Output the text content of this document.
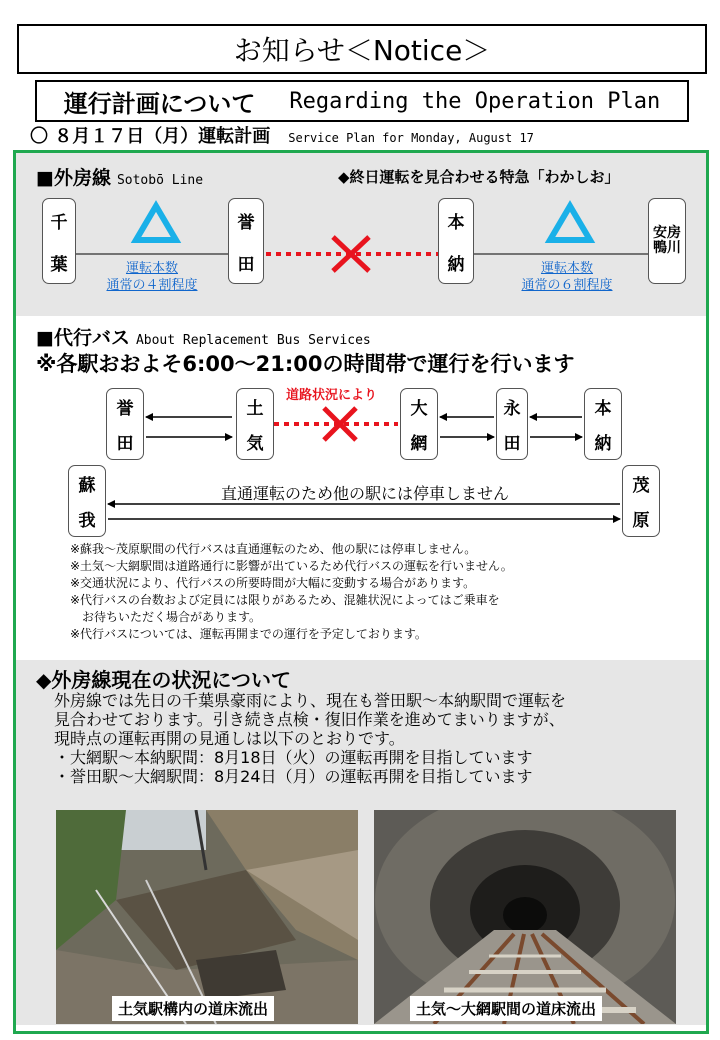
お知らせ＜Notice＞
運行計画について Regarding the Operation Plan
〇 ８月１７日（月）運転計画 Service Plan for Monday, August 17
■外房線 Sotobō Line	◆終日運転を見合わせる特急「わかしお」
千
葉
誉
田
本
納
安房
鴨川
運転本数
通常の４割程度
運転本数
通常の６割程度
■代行バス About Replacement Bus Services
※各駅おおよそ6:00～21:00の時間帯で運行を行います
道路状況により
誉
田
土
気
大
網
永
田
本
納
蘇
我
茂
原
直通運転のため他の駅には停車しません
※蘇我～茂原駅間の代行バスは直通運転のため、他の駅には停車しません。
※土気～大網駅間は道路通行に影響が出ているため代行バスの運転を行いません。
※交通状況により、代行バスの所要時間が大幅に変動する場合があります。
※代行バスの台数および定員には限りがあるため、混雑状況によってはご乗車を
　お待ちいただく場合があります。
※代行バスについては、運転再開までの運行を予定しております。
◆外房線現在の状況について
外房線では先日の千葉県豪雨により、現在も誉田駅～本納駅間で運転を
見合わせております。引き続き点検・復旧作業を進めてまいりますが、
現時点の運転再開の見通しは以下のとおりです。
・大網駅～本納駅間：8月18日（火）の運転再開を目指しています
・誉田駅～大網駅間：8月24日（月）の運転再開を目指しています
土気駅構内の道床流出	土気～大網駅間の道床流出
